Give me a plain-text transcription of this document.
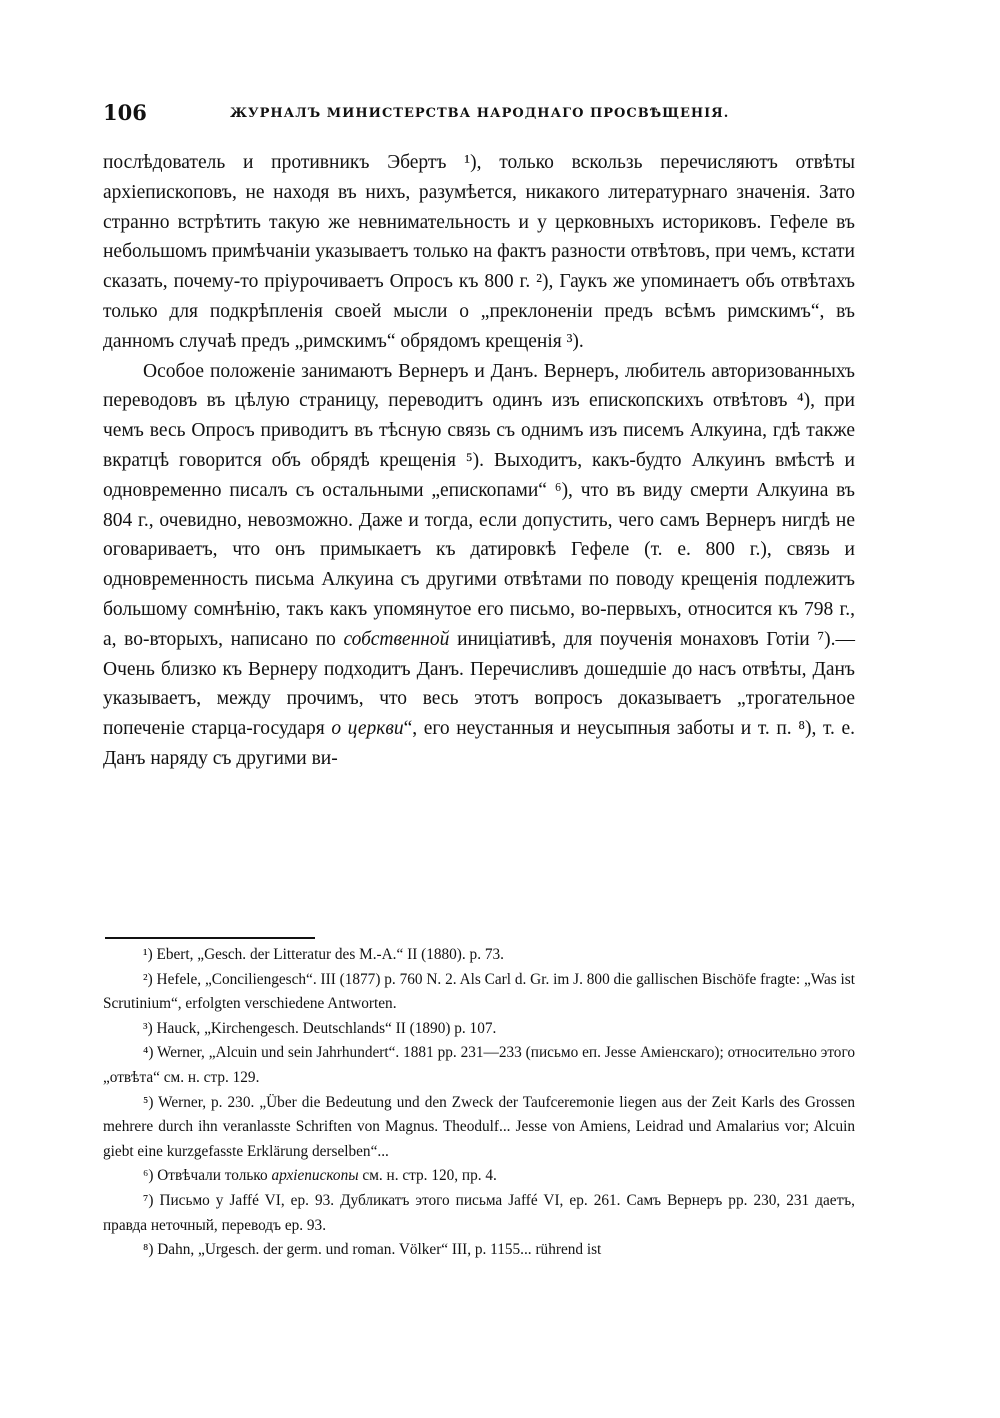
106	ЖУРНАЛЪ МИНИСТЕРСТВА НАРОДНАГО ПРОСВѢЩЕНІЯ.

послѣдователь и противникъ Эбертъ ¹), только вскользь перечисляютъ отвѣты архіепископовъ, не находя въ нихъ, разумѣется, никакого литературнаго значенія. Зато странно встрѣтить такую же невнимательность и у церковныхъ историковъ. Гефеле въ небольшомъ примѣчаніи указываетъ только на фактъ разности отвѣтовъ, при чемъ, кстати сказать, почему-то пріурочиваетъ Опросъ къ 800 г. ²), Гаукъ же упоминаетъ объ отвѣтахъ только для подкрѣпленія своей мысли о „преклоненіи предъ всѣмъ римскимъ“, въ данномъ случаѣ предъ „римскимъ“ обрядомъ крещенія ³).

Особое положеніе занимаютъ Вернеръ и Данъ. Вернеръ, любитель авторизованныхъ переводовъ въ цѣлую страницу, переводитъ одинъ изъ епископскихъ отвѣтовъ ⁴), при чемъ весь Опросъ приводитъ въ тѣсную связь съ однимъ изъ писемъ Алкуина, гдѣ также вкратцѣ говорится объ обрядѣ крещенія ⁵). Выходитъ, какъ-будто Алкуинъ вмѣстѣ и одновременно писалъ съ остальными „епископами“ ⁶), что въ виду смерти Алкуина въ 804 г., очевидно, невозможно. Даже и тогда, если допустить, чего самъ Вернеръ нигдѣ не оговариваетъ, что онъ примыкаетъ къ датировкѣ Гефеле (т. е. 800 г.), связь и одновременность письма Алкуина съ другими отвѣтами по поводу крещенія подлежитъ большому сомнѣнію, такъ какъ упомянутое его письмо, во-первыхъ, относится къ 798 г., а, во-вторыхъ, написано по собственной иниціативѣ, для поученія монаховъ Готіи ⁷).—Очень близко къ Вернеру подходитъ Данъ. Перечисливъ дошедшіе до насъ отвѣты, Данъ указываетъ, между прочимъ, что весь этотъ вопросъ доказываетъ „трогательное попеченіе старца-государя о церкви“, его неустанныя и неусыпныя заботы и т. п. ⁸), т. е. Данъ наряду съ другими ви-

¹) Ebert, „Gesch. der Litteratur des M.-A.“ II (1880). p. 73.

²) Hefele, „Conciliengesch“. III (1877) p. 760 N. 2. Als Carl d. Gr. im J. 800 die gallischen Bischöfe fragte: „Was ist Scrutinium“, erfolgten verschiedene Antworten.

³) Hauck, „Kirchengesch. Deutschlands“ II (1890) p. 107.

⁴) Werner, „Alcuin und sein Jahrhundert“. 1881 pp. 231—233 (письмо еп. Jesse Аміенскаго); относительно этого „отвѣта“ см. н. стр. 129.

⁵) Werner, p. 230. „Über die Bedeutung und den Zweck der Taufceremonie liegen aus der Zeit Karls des Grossen mehrere durch ihn veranlasste Schriften von Magnus. Theodulf... Jesse von Amiens, Leidrad und Amalarius vor; Alcuin giebt eine kurzgefasste Erklärung derselben“...

⁶) Отвѣчали только архіепископы см. н. стр. 120, пр. 4.

⁷) Письмо у Jaffé VI, ep. 93. Дубликатъ этого письма Jaffé VI, ep. 261. Самъ Вернеръ pp. 230, 231 даетъ, правда неточный, переводъ ep. 93.

⁸) Dahn, „Urgesch. der germ. und roman. Völker“ III, p. 1155... rührend ist
